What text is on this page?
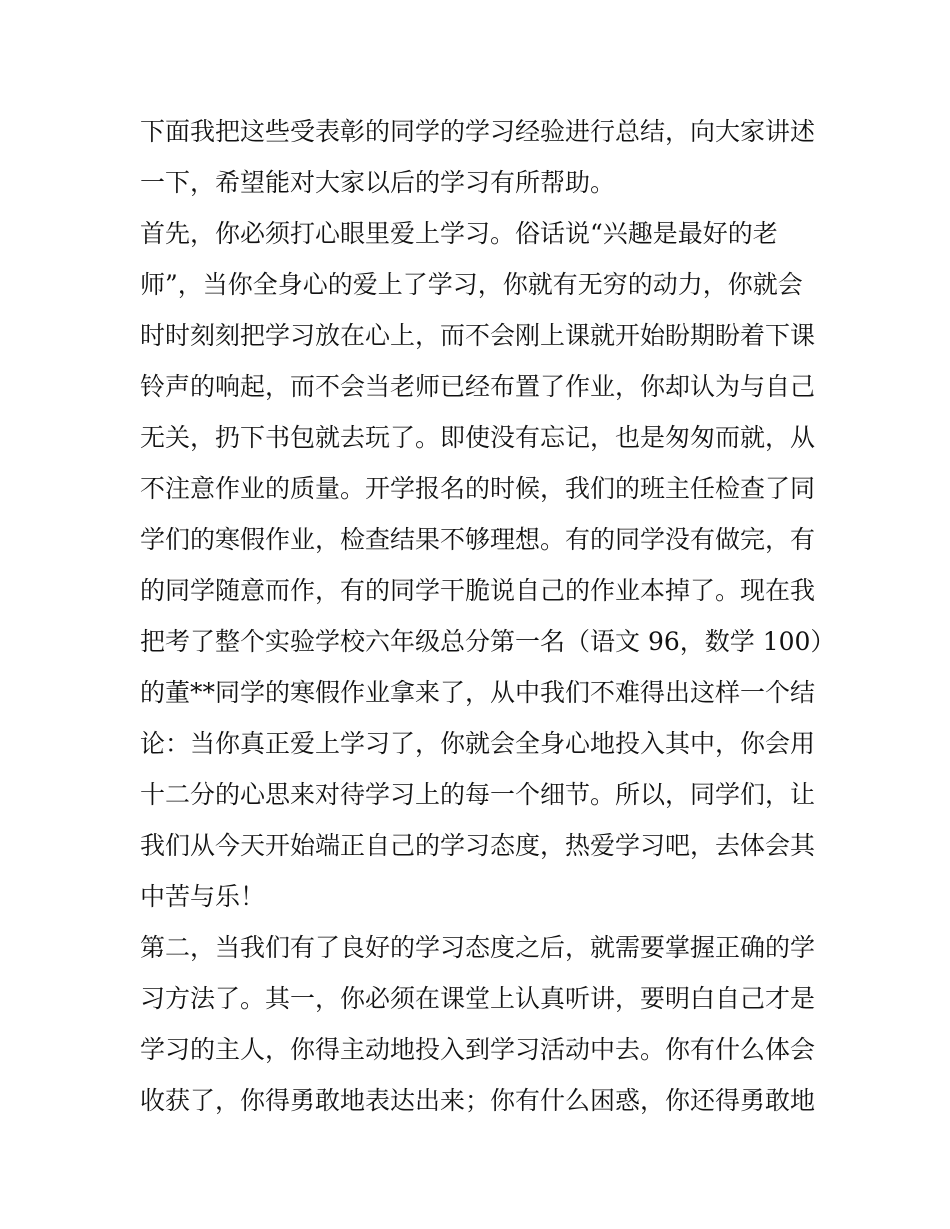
下面我把这些受表彰的同学的学习经验进行总结，向大家讲述
一下，希望能对大家以后的学习有所帮助。
首先，你必须打心眼里爱上学习。俗话说“兴趣是最好的老
师”，当你全身心的爱上了学习，你就有无穷的动力，你就会
时时刻刻把学习放在心上，而不会刚上课就开始盼期盼着下课
铃声的响起，而不会当老师已经布置了作业，你却认为与自己
无关，扔下书包就去玩了。即使没有忘记，也是匆匆而就，从
不注意作业的质量。开学报名的时候，我们的班主任检查了同
学们的寒假作业，检查结果不够理想。有的同学没有做完，有
的同学随意而作，有的同学干脆说自己的作业本掉了。现在我
把考了整个实验学校六年级总分第一名（语文 96，数学 100）
的董**同学的寒假作业拿来了，从中我们不难得出这样一个结
论：当你真正爱上学习了，你就会全身心地投入其中，你会用
十二分的心思来对待学习上的每一个细节。所以，同学们，让
我们从今天开始端正自己的学习态度，热爱学习吧，去体会其
中苦与乐！
第二，当我们有了良好的学习态度之后，就需要掌握正确的学
习方法了。其一，你必须在课堂上认真听讲，要明白自己才是
学习的主人，你得主动地投入到学习活动中去。你有什么体会
收获了，你得勇敢地表达出来；你有什么困惑，你还得勇敢地
